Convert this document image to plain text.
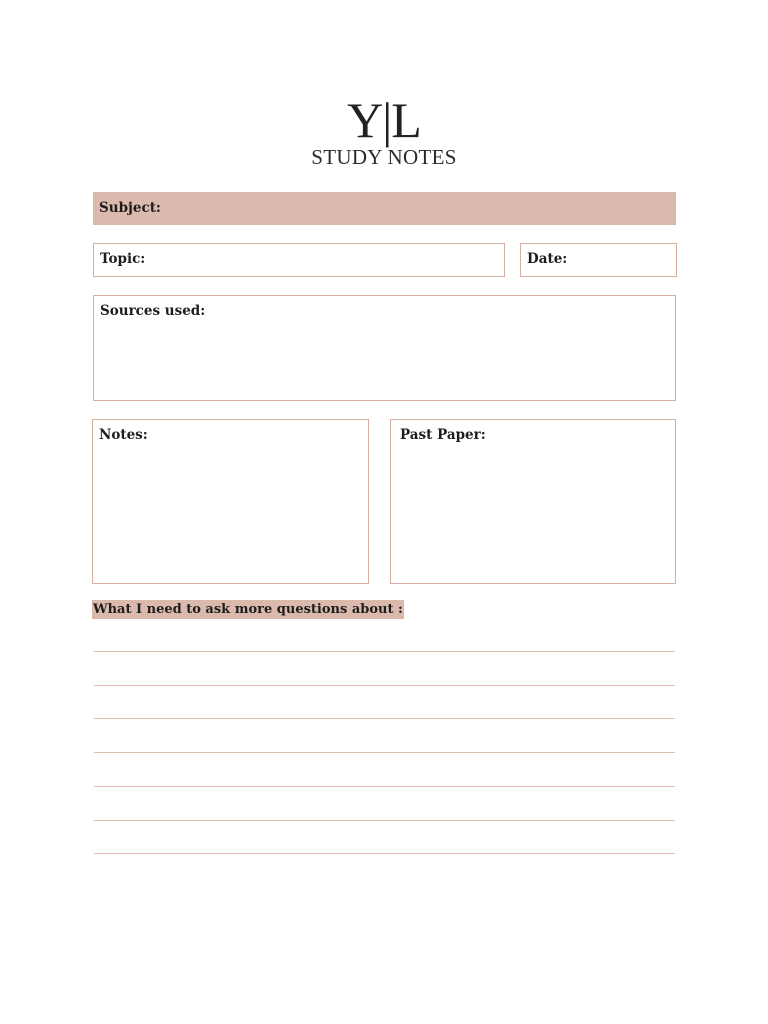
Y|L
STUDY NOTES
Subject:
Topic:	Date:
Sources used:
Notes:	Past Paper:
What I need to ask more questions about :
